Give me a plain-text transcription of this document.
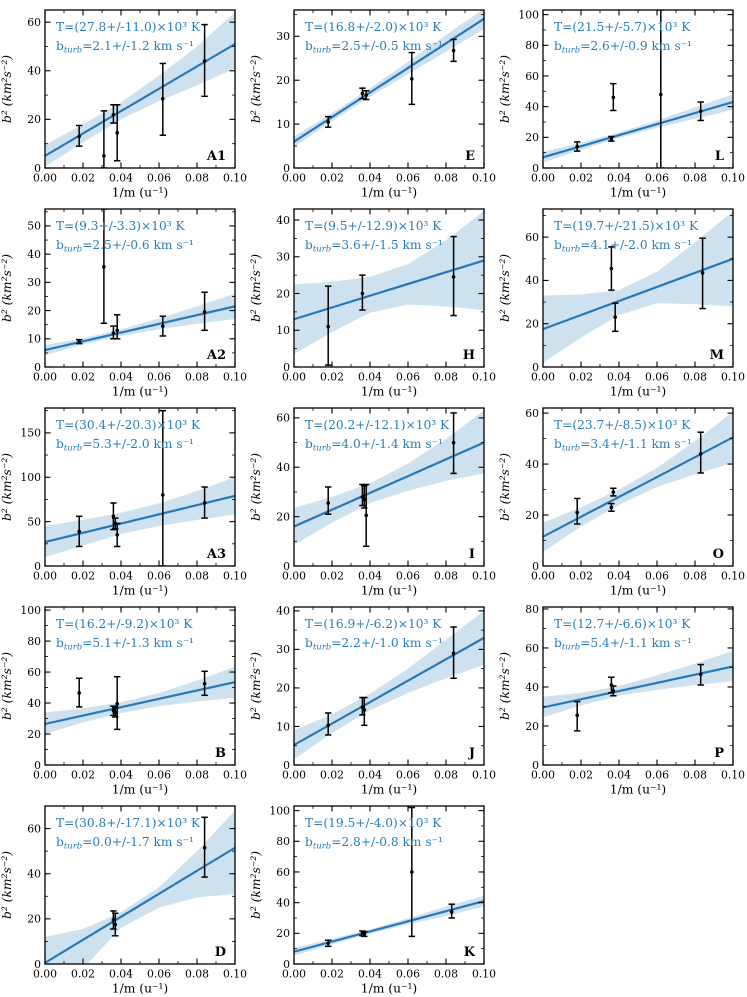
0.00 0.02 0.04 0.06 0.08 0.10
0
20
40
60
1/m (u⁻¹)
b² (km²s⁻²)
T=(27.8+/-11.0)×10³ K
$b_{turb}=2.1+/-1.2$ km s⁻¹
A1
0.00 0.02 0.04 0.06 0.08 0.10
0
10
20
30
1/m (u⁻¹)
b² (km²s⁻²)
T=(16.8+/-2.0)×10³ K
$b_{turb}=2.5+/-0.5$ km s⁻¹
E
0.00 0.02 0.04 0.06 0.08 0.10
0
20
40
60
80
100
1/m (u⁻¹)
b² (km²s⁻²)
T=(21.5+/-5.7)×10³ K
$b_{turb}=2.6+/-0.9$ km s⁻¹
L
0.00 0.02 0.04 0.06 0.08 0.10
0
10
20
30
40
50
1/m (u⁻¹)
b² (km²s⁻²)
T=(9.3+/-3.3)×10³ K
$b_{turb}=2.5+/-0.6$ km s⁻¹
A2
0.00 0.02 0.04 0.06 0.08 0.10
0
10
20
30
40
1/m (u⁻¹)
b² (km²s⁻²)
T=(9.5+/-12.9)×10³ K
$b_{turb}=3.6+/-1.5$ km s⁻¹
H
0.00 0.02 0.04 0.06 0.08 0.10
0
20
40
60
1/m (u⁻¹)
b² (km²s⁻²)
T=(19.7+/-21.5)×10³ K
$b_{turb}=4.1+/-2.0$ km s⁻¹
M
0.00 0.02 0.04 0.06 0.08 0.10
0
50
100
150
1/m (u⁻¹)
b² (km²s⁻²)
T=(30.4+/-20.3)×10³ K
$b_{turb}=5.3+/-2.0$ km s⁻¹
A3
0.00 0.02 0.04 0.06 0.08 0.10
0
20
40
60
1/m (u⁻¹)
b² (km²s⁻²)
T=(20.2+/-12.1)×10³ K
$b_{turb}=4.0+/-1.4$ km s⁻¹
I
0.00 0.02 0.04 0.06 0.08 0.10
0
20
40
60
1/m (u⁻¹)
b² (km²s⁻²)
T=(23.7+/-8.5)×10³ K
$b_{turb}=3.4+/-1.1$ km s⁻¹
O
0.00 0.02 0.04 0.06 0.08 0.10
0
20
40
60
80
100
1/m (u⁻¹)
b² (km²s⁻²)
T=(16.2+/-9.2)×10³ K
$b_{turb}=5.1+/-1.3$ km s⁻¹
B
0.00 0.02 0.04 0.06 0.08 0.10
0
10
20
30
40
1/m (u⁻¹)
b² (km²s⁻²)
T=(16.9+/-6.2)×10³ K
$b_{turb}=2.2+/-1.0$ km s⁻¹
J
0.00 0.02 0.04 0.06 0.08 0.10
0
20
40
60
80
1/m (u⁻¹)
b² (km²s⁻²)
T=(12.7+/-6.6)×10³ K
$b_{turb}=5.4+/-1.1$ km s⁻¹
P
0.00 0.02 0.04 0.06 0.08 0.10
0
20
40
60
1/m (u⁻¹)
b² (km²s⁻²)
T=(30.8+/-17.1)×10³ K
$b_{turb}=0.0+/-1.7$ km s⁻¹
D
0.00 0.02 0.04 0.06 0.08 0.10
0
20
40
60
80
100
1/m (u⁻¹)
b² (km²s⁻²)
T=(19.5+/-4.0)×10³ K
$b_{turb}=2.8+/-0.8$ km s⁻¹
K
